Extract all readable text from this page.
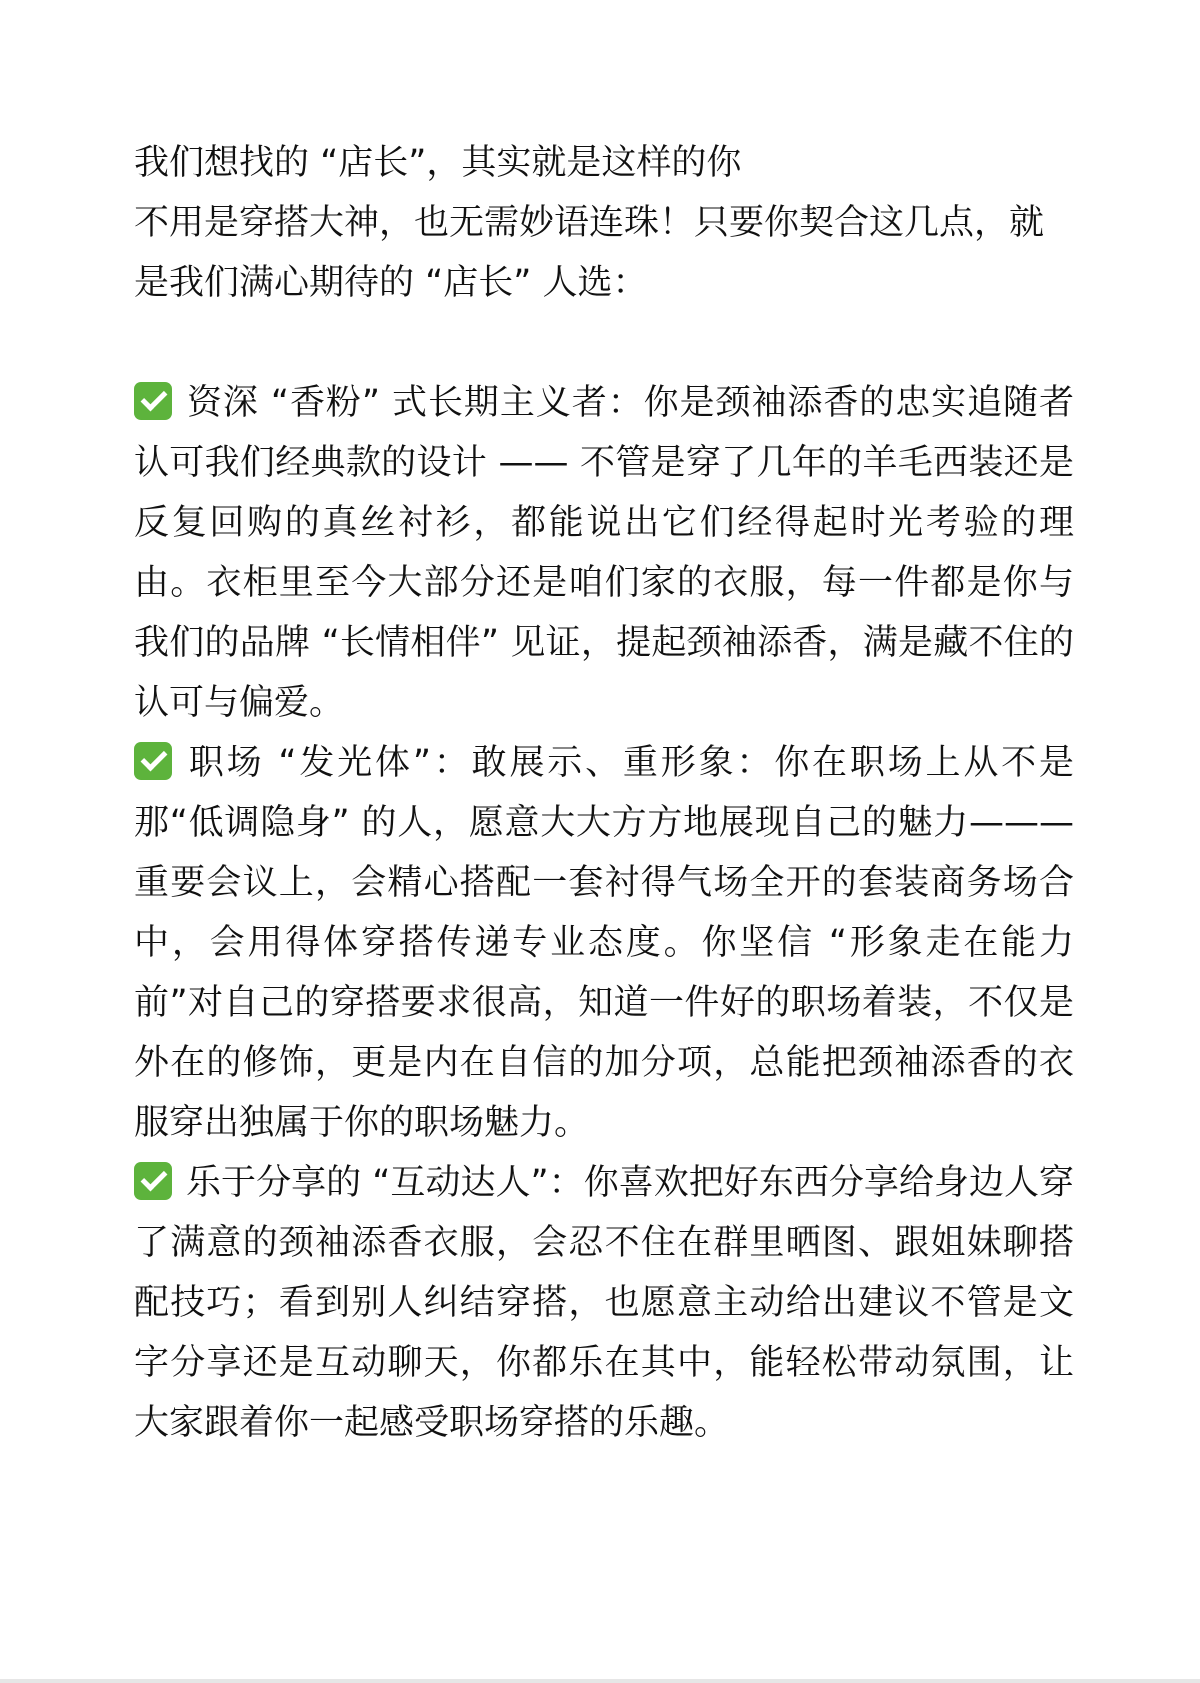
我们想找的 “店长”，其实就是这样的你

不用是穿搭大神，也无需妙语连珠！只要你契合这几点，就是我们满心期待的 “店长” 人选：

资深 “香粉” 式长期主义者：你是颈袖添香的忠实追随者认可我们经典款的设计 —— 不管是穿了几年的羊毛西装还是反复回购的真丝衬衫，都能说出它们经得起时光考验的理由。衣柜里至今大部分还是咱们家的衣服，每一件都是你与我们的品牌 “长情相伴” 见证，提起颈袖添香，满是藏不住的认可与偏爱。

职场 “发光体”：敢展示、重形象：你在职场上从不是那“低调隐身” 的人，愿意大大方方地展现自己的魅力———重要会议上，会精心搭配一套衬得气场全开的套装商务场合中，会用得体穿搭传递专业态度。你坚信 “形象走在能力前”对自己的穿搭要求很高，知道一件好的职场着装，不仅是外在的修饰，更是内在自信的加分项，总能把颈袖添香的衣服穿出独属于你的职场魅力。

乐于分享的 “互动达人”：你喜欢把好东西分享给身边人穿了满意的颈袖添香衣服，会忍不住在群里晒图、跟姐妹聊搭配技巧；看到别人纠结穿搭，也愿意主动给出建议不管是文字分享还是互动聊天，你都乐在其中，能轻松带动氛围，让大家跟着你一起感受职场穿搭的乐趣。
